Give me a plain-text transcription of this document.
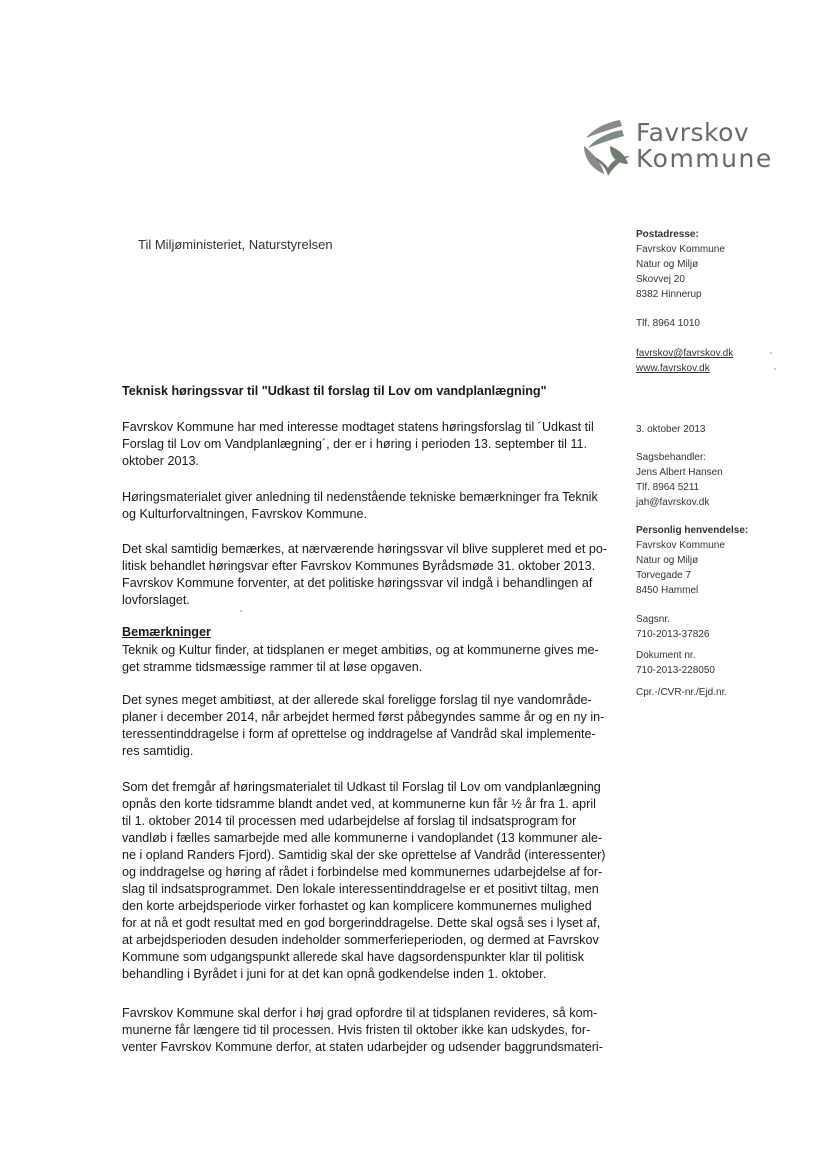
Favrskov
Kommune
Til Miljøministeriet, Naturstyrelsen
Postadresse:
Favrskov Kommune
Natur og Miljø
Skovvej 20
8382 Hinnerup
Tlf. 8964 1010
favrskov@favrskov.dk
www.favrskov.dk
3. oktober 2013
Sagsbehandler:
Jens Albert Hansen
Tlf. 8964 5211
jah@favrskov.dk
Personlig henvendelse:
Favrskov Kommune
Natur og Miljø
Torvegade 7
8450 Hammel
Sagsnr.
710-2013-37826
Dokument nr.
710-2013-228050
Cpr.-/CVR-nr./Ejd.nr.
Teknisk høringssvar til "Udkast til forslag til Lov om vandplanlægning"
Favrskov Kommune har med interesse modtaget statens høringsforslag til ´Udkast til
Forslag til Lov om Vandplanlægning´, der er i høring i perioden 13. september til 11.
oktober 2013.
Høringsmaterialet giver anledning til nedenstående tekniske bemærkninger fra Teknik
og Kulturforvaltningen, Favrskov Kommune.
Det skal samtidig bemærkes, at nærværende høringssvar vil blive suppleret med et po-
litisk behandlet høringsvar efter Favrskov Kommunes Byrådsmøde 31. oktober 2013.
Favrskov Kommune forventer, at det politiske høringssvar vil indgå i behandlingen af
lovforslaget.
Bemærkninger
Teknik og Kultur finder, at tidsplanen er meget ambitiøs, og at kommunerne gives me-
get stramme tidsmæssige rammer til at løse opgaven.
Det synes meget ambitiøst, at der allerede skal foreligge forslag til nye vandområde-
planer i december 2014, når arbejdet hermed først påbegyndes samme år og en ny in-
teressentinddragelse i form af oprettelse og inddragelse af Vandråd skal implemente-
res samtidig.
Som det fremgår af høringsmaterialet til Udkast til Forslag til Lov om vandplanlægning
opnås den korte tidsramme blandt andet ved, at kommunerne kun får ½ år fra 1. april
til 1. oktober 2014 til processen med udarbejdelse af forslag til indsatsprogram for
vandløb i fælles samarbejde med alle kommunerne i vandoplandet (13 kommuner ale-
ne i opland Randers Fjord). Samtidig skal der ske oprettelse af Vandråd (interessenter)
og inddragelse og høring af rådet i forbindelse med kommunernes udarbejdelse af for-
slag til indsatsprogrammet. Den lokale interessentinddragelse er et positivt tiltag, men
den korte arbejdsperiode virker forhastet og kan komplicere kommunernes mulighed
for at nå et godt resultat med en god borgerinddragelse. Dette skal også ses i lyset af,
at arbejdsperioden desuden indeholder sommerferieperioden, og dermed at Favrskov
Kommune som udgangspunkt allerede skal have dagsordenspunkter klar til politisk
behandling i Byrådet i juni for at det kan opnå godkendelse inden 1. oktober.
Favrskov Kommune skal derfor i høj grad opfordre til at tidsplanen revideres, så kom-
munerne får længere tid til processen. Hvis fristen til oktober ikke kan udskydes, for-
venter Favrskov Kommune derfor, at staten udarbejder og udsender baggrundsmateri-
